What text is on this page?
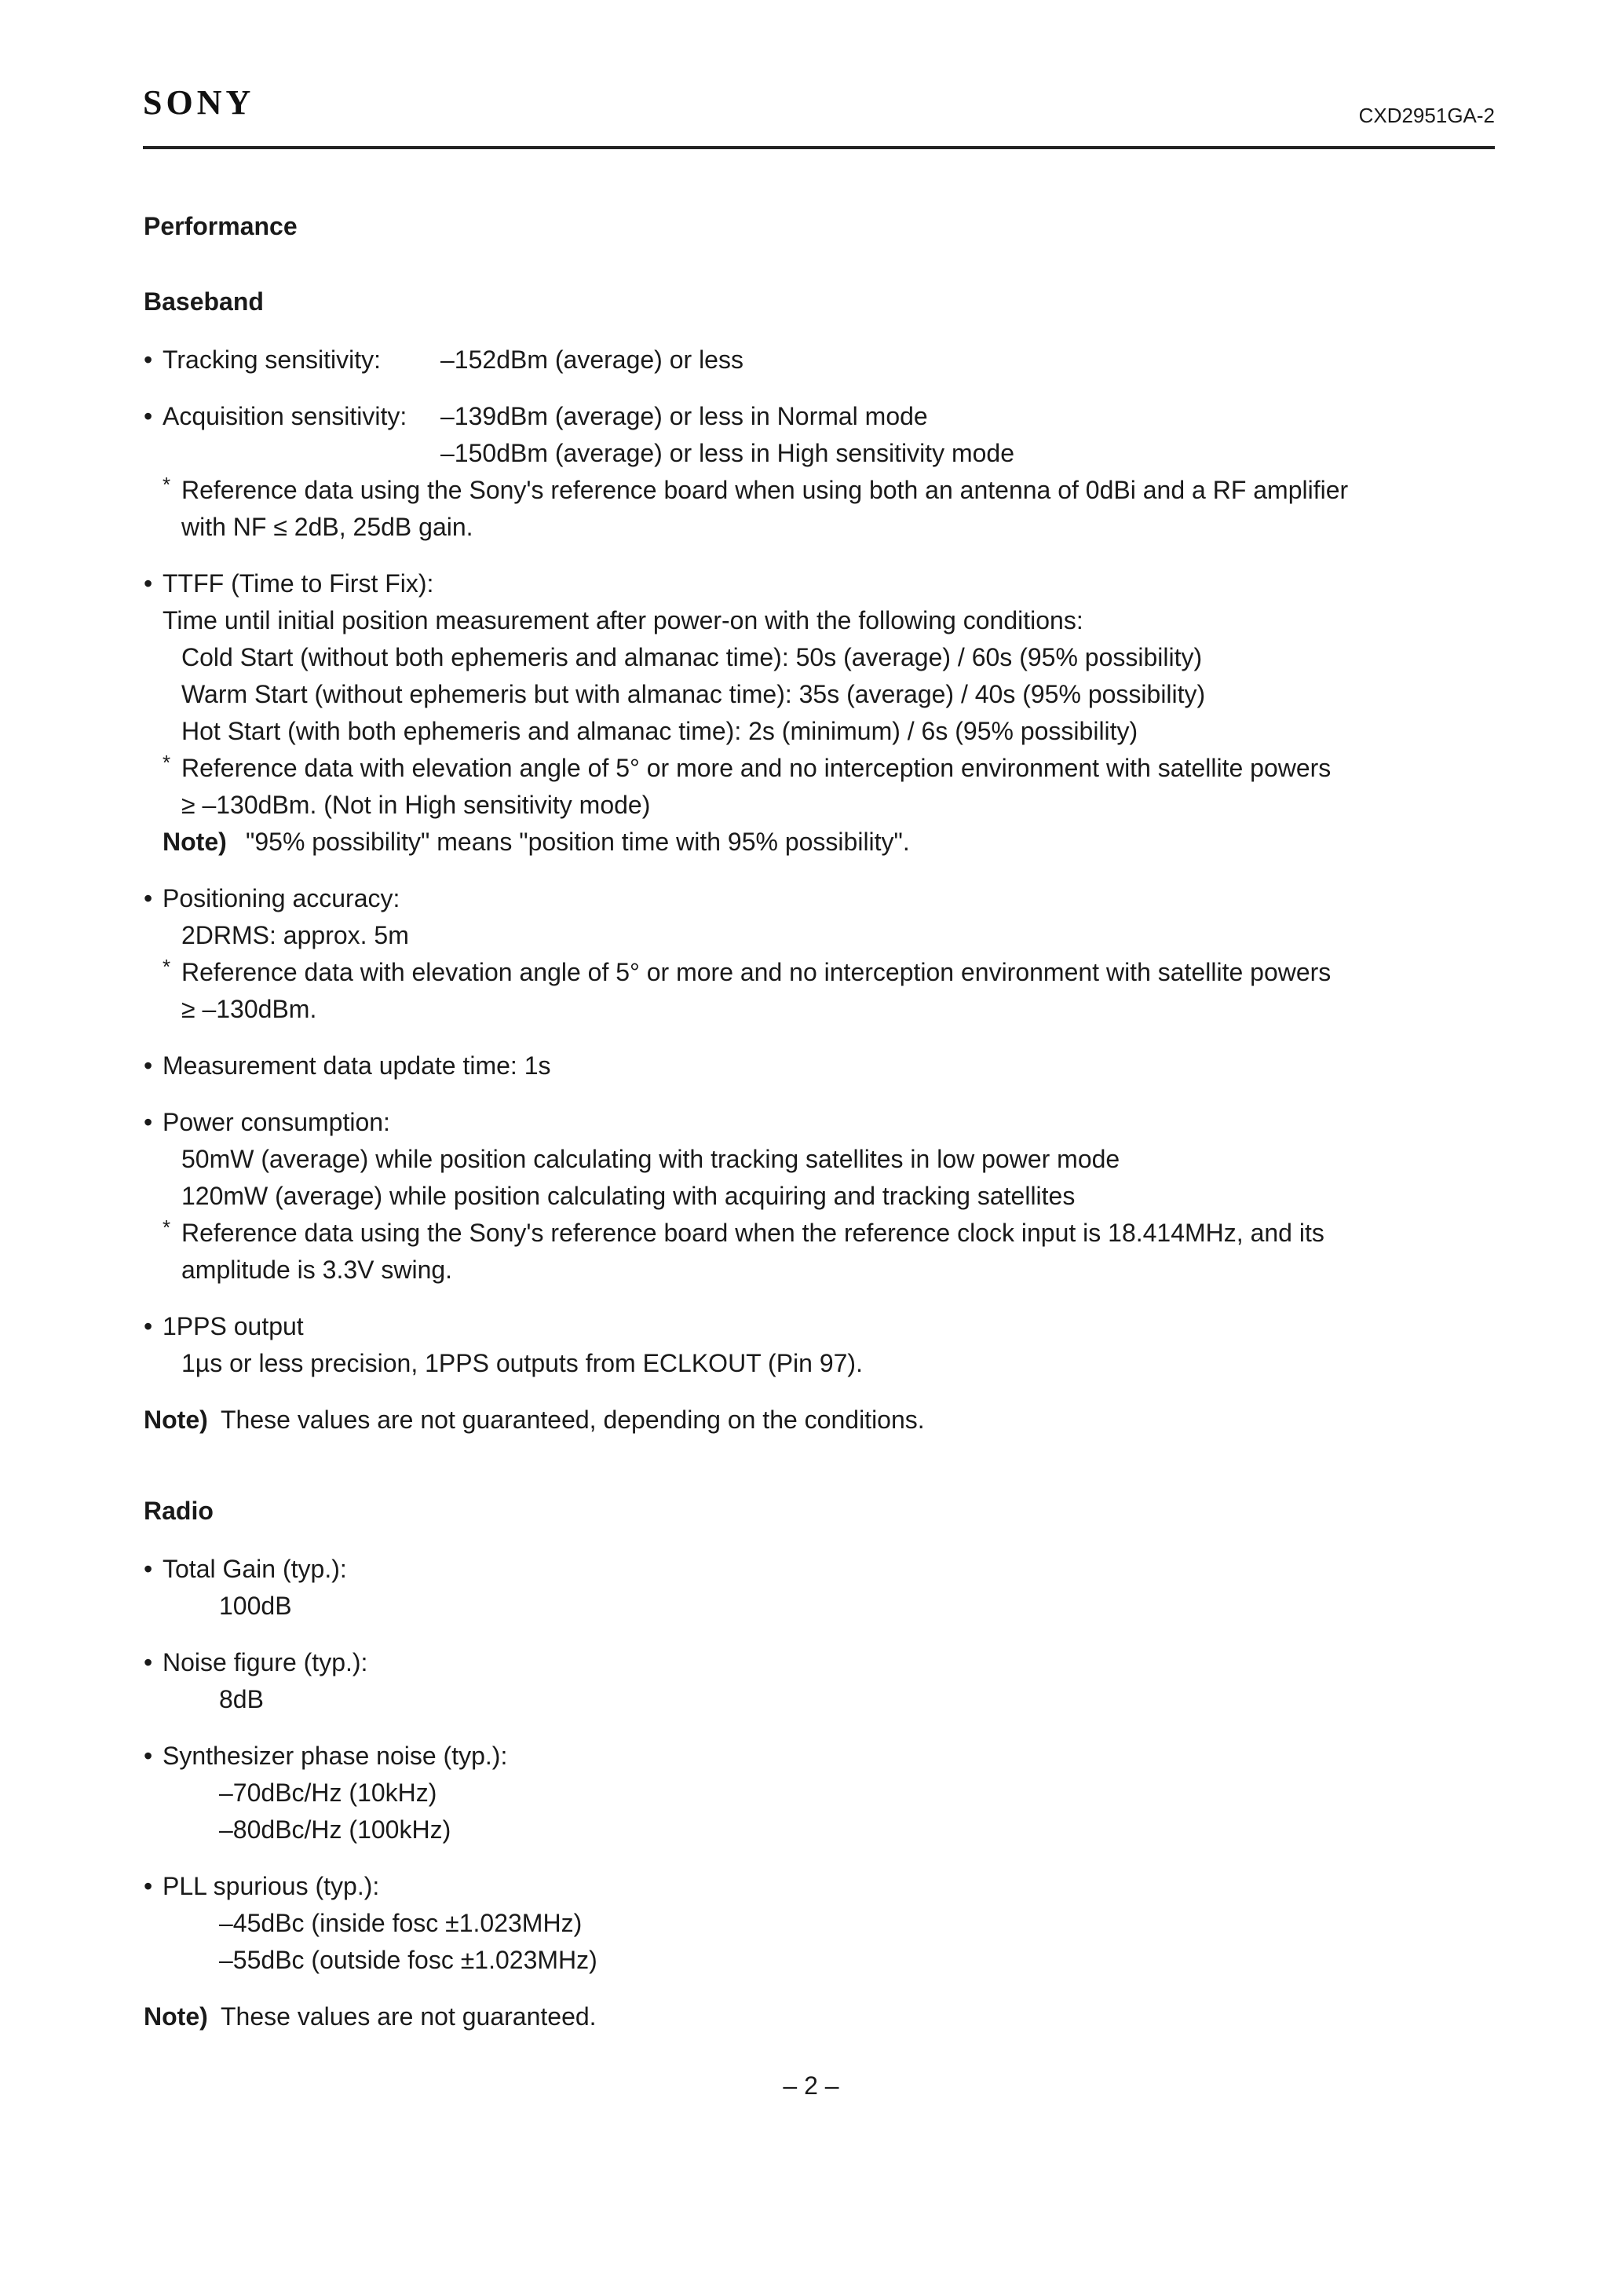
SONY	CXD2951GA-2
Performance
Baseband
• Tracking sensitivity: –152dBm (average) or less
• Acquisition sensitivity: –139dBm (average) or less in Normal mode
–150dBm (average) or less in High sensitivity mode
* Reference data using the Sony's reference board when using both an antenna of 0dBi and a RF amplifier
with NF ≤ 2dB, 25dB gain.
• TTFF (Time to First Fix):
Time until initial position measurement after power-on with the following conditions:
Cold Start (without both ephemeris and almanac time): 50s (average) / 60s (95% possibility)
Warm Start (without ephemeris but with almanac time): 35s (average) / 40s (95% possibility)
Hot Start (with both ephemeris and almanac time): 2s (minimum) / 6s (95% possibility)
* Reference data with elevation angle of 5° or more and no interception environment with satellite powers
≥ –130dBm. (Not in High sensitivity mode)
Note) "95% possibility" means "position time with 95% possibility".
• Positioning accuracy:
2DRMS: approx. 5m
* Reference data with elevation angle of 5° or more and no interception environment with satellite powers
≥ –130dBm.
• Measurement data update time: 1s
• Power consumption:
50mW (average) while position calculating with tracking satellites in low power mode
120mW (average) while position calculating with acquiring and tracking satellites
* Reference data using the Sony's reference board when the reference clock input is 18.414MHz, and its
amplitude is 3.3V swing.
• 1PPS output
1µs or less precision, 1PPS outputs from ECLKOUT (Pin 97).
Note) These values are not guaranteed, depending on the conditions.
Radio
• Total Gain (typ.):
100dB
• Noise figure (typ.):
8dB
• Synthesizer phase noise (typ.):
–70dBc/Hz (10kHz)
–80dBc/Hz (100kHz)
• PLL spurious (typ.):
–45dBc (inside fosc ±1.023MHz)
–55dBc (outside fosc ±1.023MHz)
Note) These values are not guaranteed.
– 2 –
